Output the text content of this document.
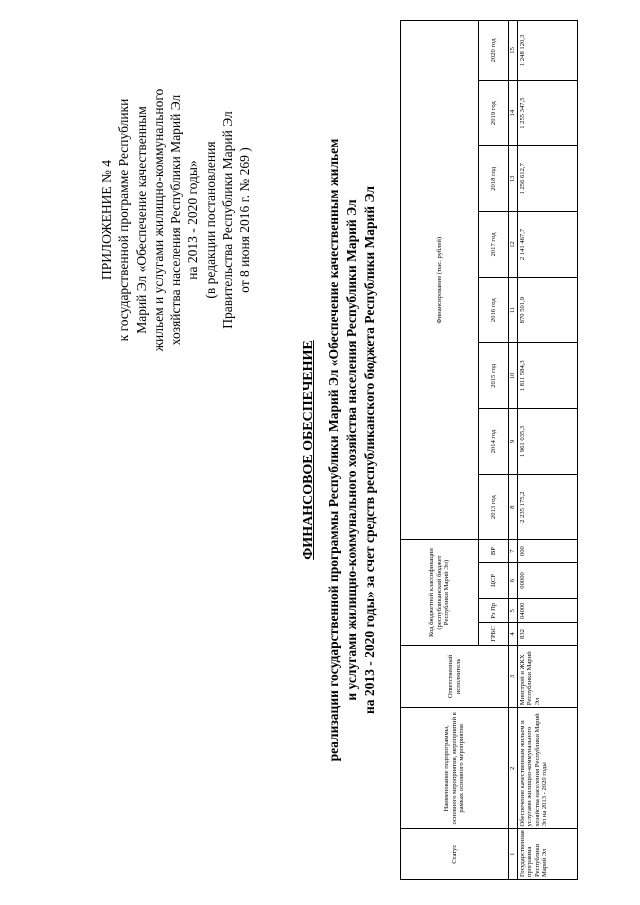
ПРИЛОЖЕНИЕ № 4 к государственной программе Республики Марий Эл «Обеспечение качественным жильем и услугами жилищно-коммунального хозяйства населения Республики Марий Эл на 2013 - 2020 годы» (в редакции постановления Правительства Республики Марий Эл от 8 июня 2016 г. № 269 )
ФИНАНСОВОЕ ОБЕСПЕЧЕНИЕ реализации государственной программы Республики Марий Эл «Обеспечение качественным жильем и услугами жилищно-коммунального хозяйства населения Республики Марий Эл на 2013 - 2020 годы» за счет средств республиканского бюджета Республики Марий Эл
Статус	Наименование подпрограммы, основного мероприятия, мероприятий в рамках основного мероприятия	Ответственный исполнитель	Код бюджетной классификации (республиканский бюджет Республики Марий Эл)				Финансирование (тыс. рублей)							
			ГРБС	Рз Пр	ЦСР	ВР	2013 год	2014 год	2015 год	2016 год	2017 год	2018 год	2019 год	2020 год
1	2	3	4	5	6	7	8	9	10	11	12	13	14	15
Государственная программа Республики Марий Эл	Обеспечение качественным жильем и услугами жилищно-коммунального хозяйства населения Республики Марий Эл на 2013 - 2020 годы	Минстрой и ЖКХ Республики Марий Эл	832	04000	00000	000	2 235 175,2	1 961 035,3	1 811 584,3	870 501,9	2 141 467,7	1 256 612,7	1 255 347,5	1 248 120,3
